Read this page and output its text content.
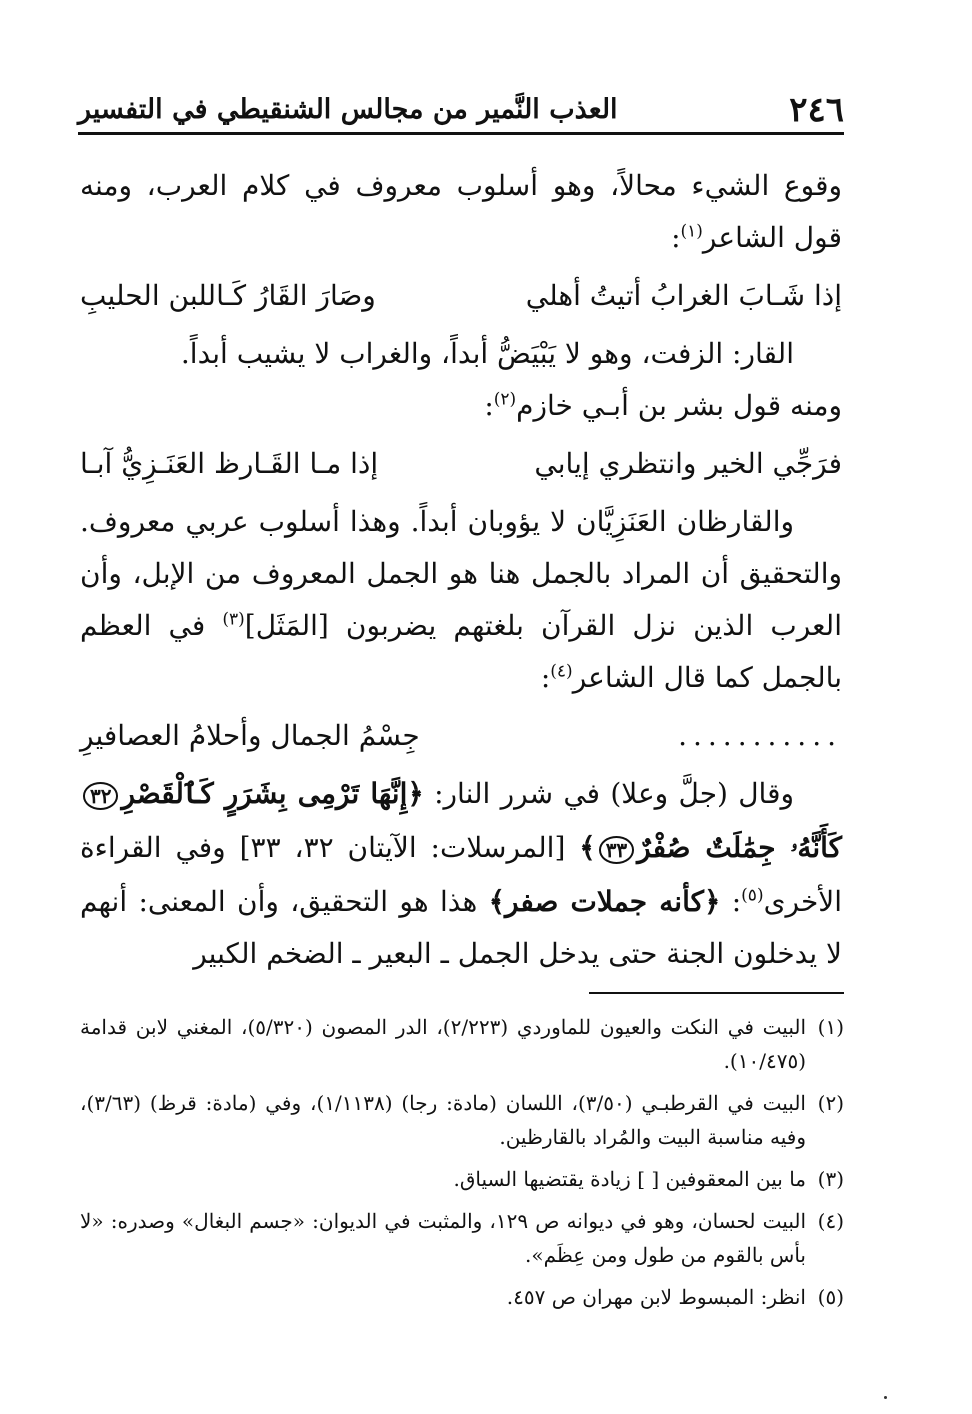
٢٤٦
العذب النَّمير من مجالس الشنقيطي في التفسير

وقوع الشيء محالاً، وهو أسلوب معروف في كلام العرب، ومنه قول الشاعر$^{(١)}$:

إذا شَـابَ الغرابُ أتيتُ أهلي
وصَارَ القَارُ كَـاللبن الحليبِ

القار: الزفت، وهو لا يَبْيَضُّ أبداً، والغراب لا يشيب أبداً.

ومنه قول بشر بن أبـي خازم$^{(٢)}$:

فرَجِّي الخير وانتظري إيابي
إذا مـا القَـارظ العَنَـزِيُّ آبـا

والقارظان العَنَزِيَّان لا يؤوبان أبداً. وهذا أسلوب عربي معروف. والتحقيق أن المراد بالجمل هنا هو الجمل المعروف من الإبل، وأن العرب الذين نزل القرآن بلغتهم يضربون [المَثَل]$^{(٣)}$ في العظم بالجمل كما قال الشاعر$^{(٤)}$:

...........
جِسْمُ الجمال وأحلامُ العصافيرِ

وقال (جلَّ وعلا) في شرر النار: ﴿إِنَّهَا تَرْمِى بِشَرَرٍ كَٱلْقَصْرِ٣٢ كَأَنَّهُۥ جِمَٰلَتٌ صُفْرٌ٣٣﴾ [المرسلات: الآيتان ٣٢، ٣٣] وفي القراءة الأخرى$^{(٥)}$: ﴿كأنه جملات صفر﴾ هذا هو التحقيق، وأن المعنى: أنهم لا يدخلون الجنة حتى يدخل الجمل ـ البعير ـ الضخم الكبير

(١)
البيت في النكت والعيون للماوردي (٢/٢٢٣)، الدر المصون (٥/٣٢٠)، المغني لابن قدامة (١٠/٤٧٥).
(٢)
البيت في القرطبـي (٣/٥٠)، اللسان (مادة: رجا) (١/١١٣٨)، وفي (مادة: قرظ) (٣/٦٣)، وفيه مناسبة البيت والمُراد بالقارظين.
(٣)
ما بين المعقوفين [ ] زيادة يقتضيها السياق.
(٤)
البيت لحسان، وهو في ديوانه ص ١٢٩، والمثبت في الديوان: «جسم البغال» وصدره: «لا بأس بالقوم من طول ومن عِظَم».
(٥)
انظر: المبسوط لابن مهران ص ٤٥٧.
